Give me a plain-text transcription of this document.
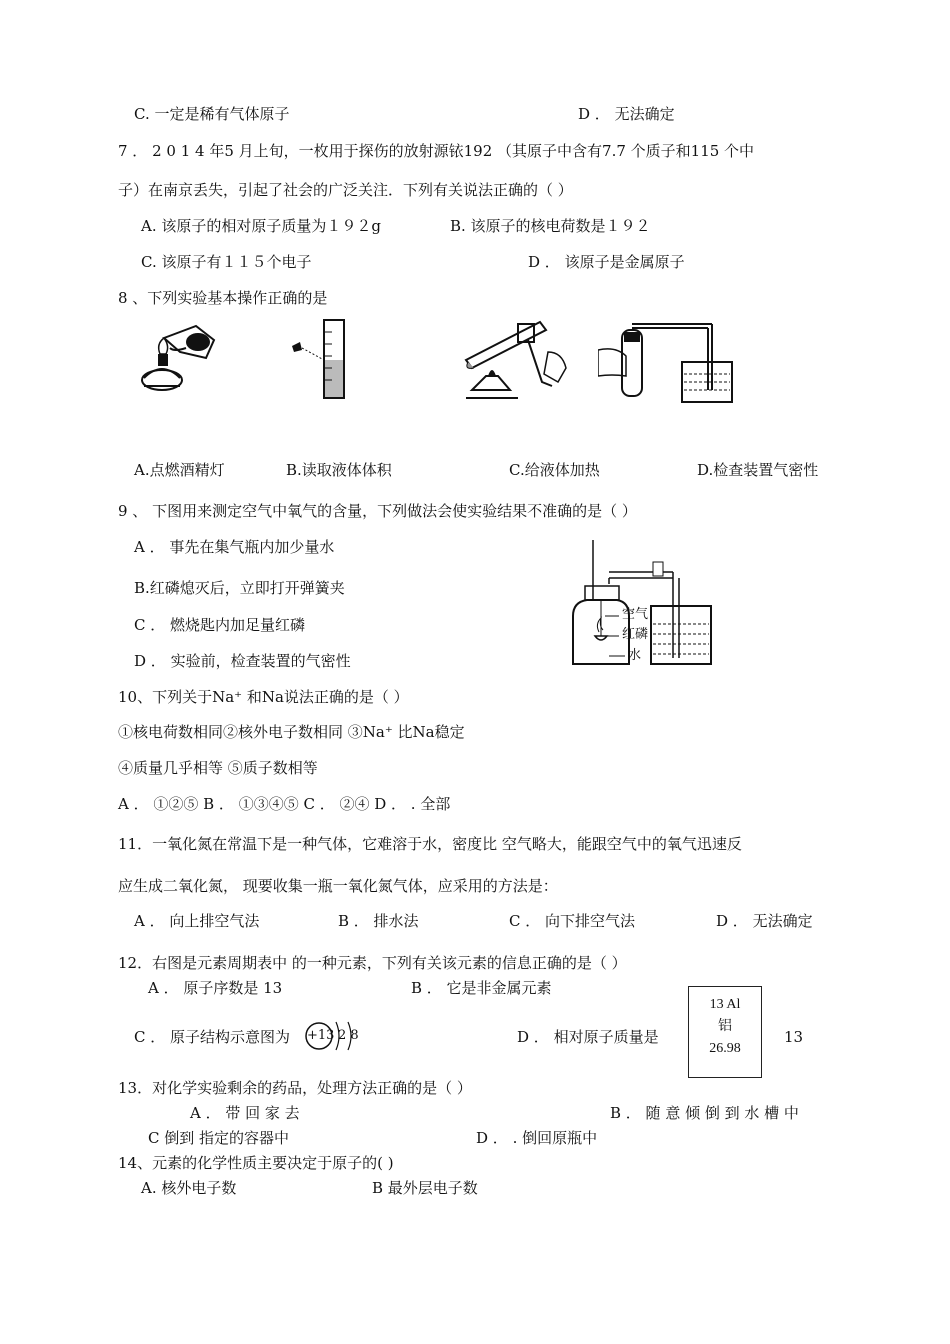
C. 一定是稀有气体原子	D ． 无法确定
7 ． 2 0 1 4 年5 月上旬，一枚用于探伤的放射源铱192 （其原子中含有7.7 个质子和115 个中
子）在南京丢失，引起了社会的广泛关注．下列有关说法正确的（ ）
A. 该原子的相对原子质量为１９２g	B. 该原子的核电荷数是１９２
C. 该原子有１１５个电子	D ． 该原子是金属原子
8 、下列实验基本操作正确的是
A.点燃酒精灯	B.读取液体体积	C.给液体加热	D.检查装置气密性
9 、 下图用来测定空气中氧气的含量，下列做法会使实验结果不准确的是（ ）
A ． 事先在集气瓶内加少量水
B.红磷熄灭后，立即打开弹簧夹
C ． 燃烧匙内加足量红磷
D ． 实验前，检查装置的气密性
空气
红磷
水
10、下列关于Na⁺ 和Na说法正确的是（ ）
①核电荷数相同②核外电子数相同 ③Na⁺ 比Na稳定
④质量几乎相等 ⑤质子数相等
A ． ①②⑤ B ． ①③④⑤ C ． ②④ D ． . 全部
11．一氧化氮在常温下是一种气体，它难溶于水，密度比 空气略大，能跟空气中的氧气迅速反
应生成二氧化氮， 现要收集一瓶一氧化氮气体，应采用的方法是：
A ． 向上排空气法	B ． 排水法	C ． 向下排空气法	D ． 无法确定
12．右图是元素周期表中 的一种元素，下列有关该元素的信息正确的是（ ）
A ． 原子序数是 13	B ． 它是非金属元素
C ． 原子结构示意图为 +13 2 8	D ． 相对原子质量是
13 Al
铝
26.98
13
13．对化学实验剩余的药品，处理方法正确的是（ ）
A ． 带 回 家 去	B ． 随 意 倾 倒 到 水 槽 中
C 倒到 指定的容器中	D ． . 倒回原瓶中
14、元素的化学性质主要决定于原子的( )
A. 核外电子数	B 最外层电子数
